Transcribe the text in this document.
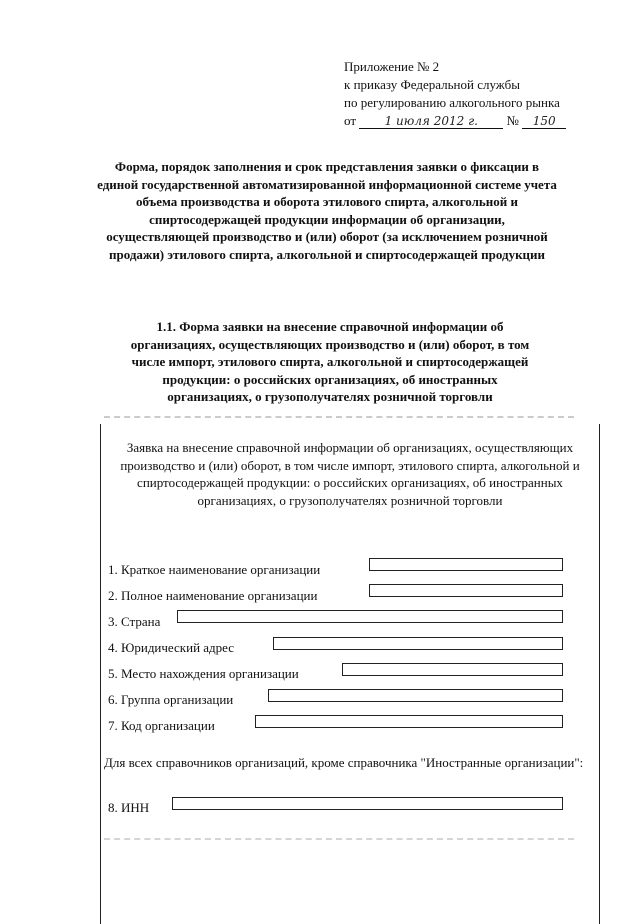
Приложение № 2
к приказу Федеральной службы
по регулированию алкогольного рынка
от 1 июля 2012 г. № 150

Форма, порядок заполнения и срок представления заявки о фиксации в единой государственной автоматизированной информационной системе учета объема производства и оборота этилового спирта, алкогольной и спиртосодержащей продукции информации об организации, осуществляющей производство и (или) оборот (за исключением розничной продажи) этилового спирта, алкогольной и спиртосодержащей продукции

1.1. Форма заявки на внесение справочной информации об организациях, осуществляющих производство и (или) оборот, в том числе импорт, этилового спирта, алкогольной и спиртосодержащей продукции: о российских организациях, об иностранных организациях, о грузополучателях розничной торговли

Заявка на внесение справочной информации об организациях, осуществляющих производство и (или) оборот, в том числе импорт, этилового спирта, алкогольной и спиртосодержащей продукции: о российских организациях, об иностранных организациях, о грузополучателях розничной торговли

1. Краткое наименование организации
2. Полное наименование организации
3. Страна
4. Юридический адрес
5. Место нахождения организации
6. Группа организации
7. Код организации

Для всех справочников организаций, кроме справочника "Иностранные организации":

8. ИНН
